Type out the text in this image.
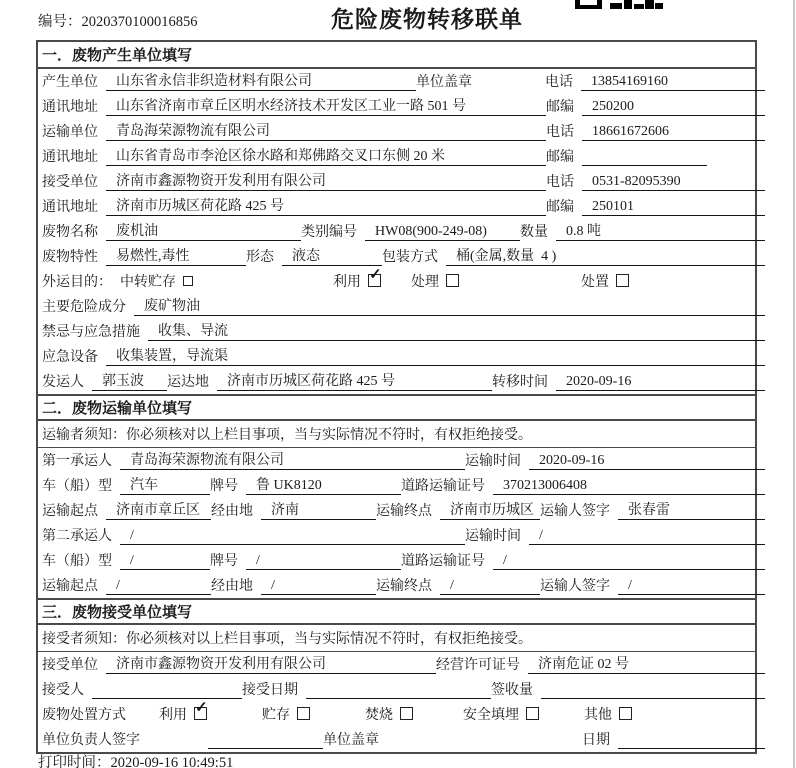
编号：2020370100016856	危险废物转移联单
一．废物产生单位填写
产生单位	山东省永信非织造材料有限公司	单位盖章	电话	13854169160
通讯地址	山东省济南市章丘区明水经济技术开发区工业一路 501 号	邮编	250200
运输单位	青岛海荣源物流有限公司	电话	18661672606
通讯地址	山东省青岛市李沧区徐水路和郑佛路交叉口东侧 20 米	邮编
接受单位	济南市鑫源物资开发利用有限公司	电话	0531-82095390
通讯地址	济南市历城区荷花路 425 号	邮编	250101
废物名称	废机油	类别编号	HW08(900-249-08)	数量	0.8 吨
废物特性	易燃性,毒性	形态	液态	包装方式	桶(金属,数量  4 )
外运目的： 中转贮存	利用 ✓ 处理	处置
主要危险成分	废矿物油
禁忌与应急措施	收集、导流
应急设备	收集装置，导流渠
发运人	郭玉波	运达地	济南市历城区荷花路 425 号	转移时间	2020-09-16
二．废物运输单位填写
运输者须知：你必须核对以上栏目事项，当与实际情况不符时，有权拒绝接受。
第一承运人	青岛海荣源物流有限公司	运输时间	2020-09-16
车（船）型	汽车	牌号	鲁 UK8120	道路运输证号	370213006408
运输起点	济南市章丘区 经由地	济南	运输终点	济南市历城区 运输人签字	张春雷
第二承运人	/	运输时间	/
车（船）型	/	牌号	/	道路运输证号	/
运输起点	/	经由地	/	运输终点	/	运输人签字	/
三．废物接受单位填写
接受者须知：你必须核对以上栏目事项，当与实际情况不符时，有权拒绝接受。
接受单位	济南市鑫源物资开发利用有限公司	经营许可证号	济南危证 02 号
接受人	接受日期	签收量
废物处置方式 利用 ✓	贮存	焚烧	安全填埋	其他
单位负责人签字	单位盖章	日期
打印时间：2020-09-16 10:49:51
